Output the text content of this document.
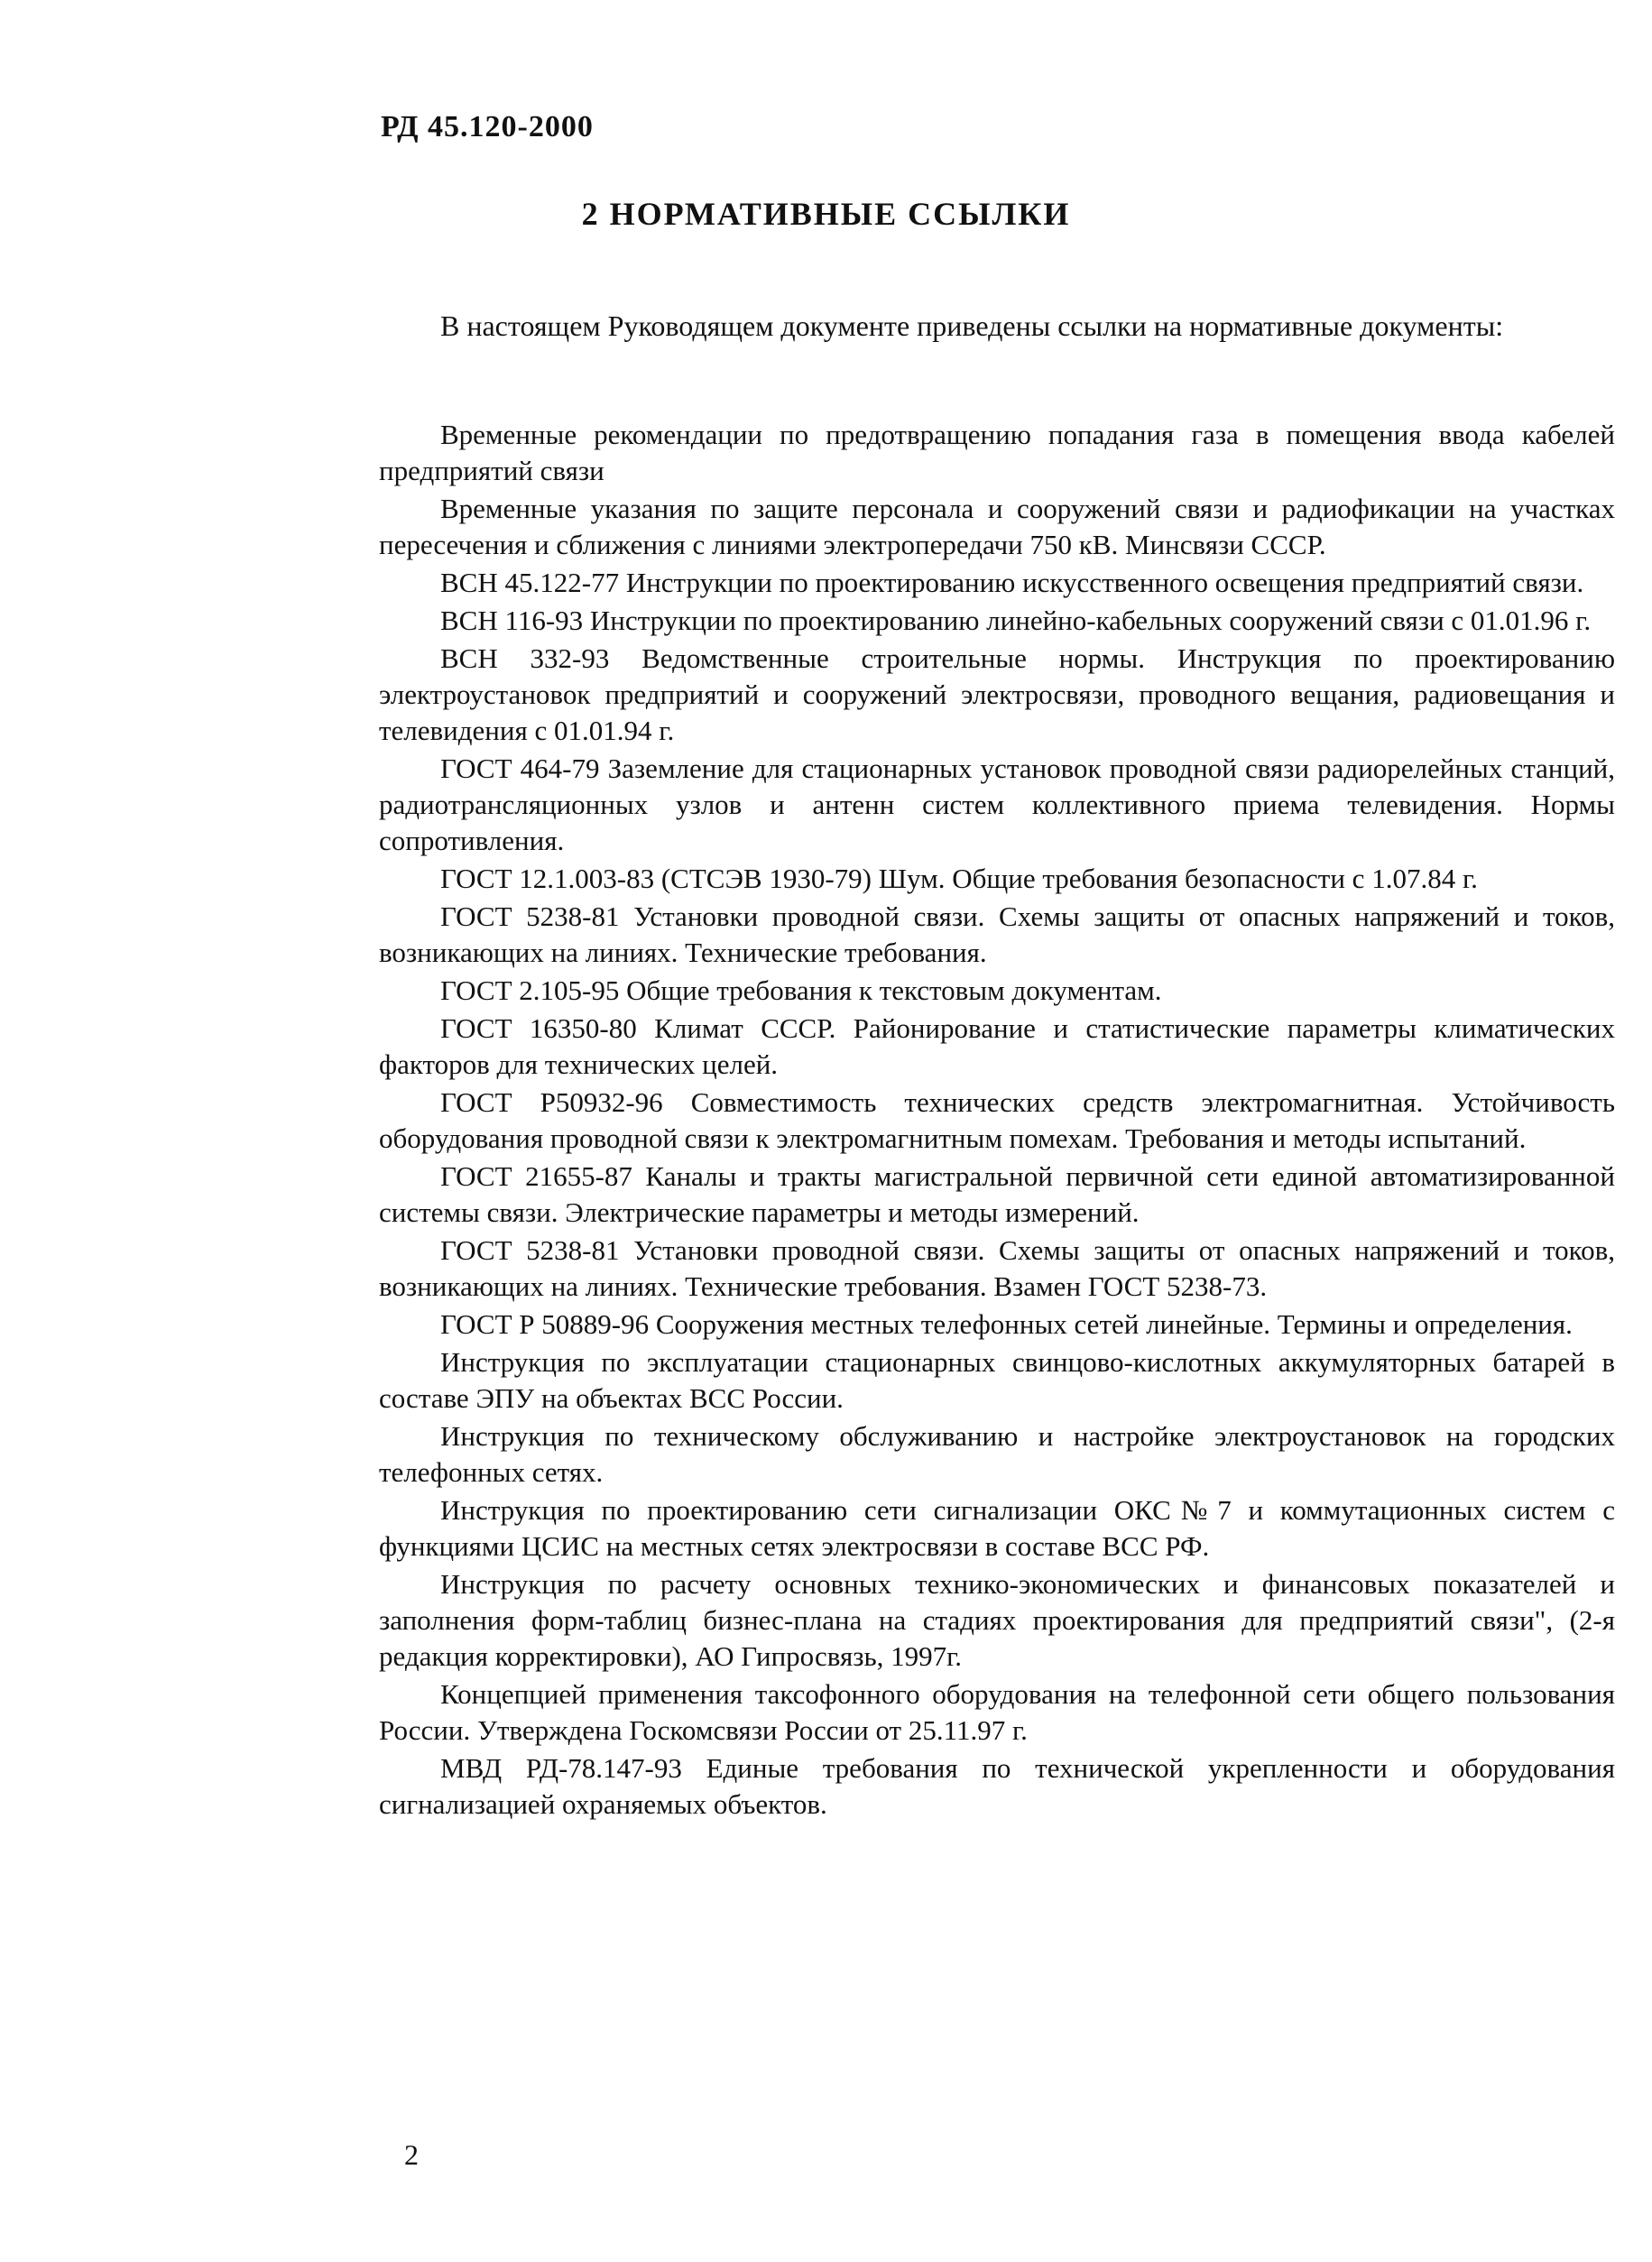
РД 45.120-2000
2 НОРМАТИВНЫЕ ССЫЛКИ

В настоящем Руководящем документе приведены ссылки на нормативные документы:

Временные рекомендации по предотвращению попадания газа в помещения ввода кабелей предприятий связи
Временные указания по защите персонала и сооружений связи и радиофикации на участках пересечения и сближения с линиями электропередачи 750 кВ. Минсвязи СССР.
ВСН 45.122-77 Инструкции по проектированию искусственного освещения предприятий связи.
ВСН 116-93 Инструкции по проектированию линейно-кабельных сооружений связи с 01.01.96 г.
ВСН 332-93 Ведомственные строительные нормы. Инструкция по проектированию электроустановок предприятий и сооружений электросвязи, проводного вещания, радиовещания и телевидения с 01.01.94 г.
ГОСТ 464-79 Заземление для стационарных установок проводной связи радиорелейных станций, радиотрансляционных узлов и антенн систем коллективного приема телевидения. Нормы сопротивления.
ГОСТ 12.1.003-83 (СТСЭВ 1930-79) Шум. Общие требования безопасности с 1.07.84 г.
ГОСТ 5238-81 Установки проводной связи. Схемы защиты от опасных напряжений и токов, возникающих на линиях. Технические требования.
ГОСТ 2.105-95 Общие требования к текстовым документам.
ГОСТ 16350-80 Климат СССР. Районирование и статистические параметры климатических факторов для технических целей.
ГОСТ Р50932-96 Совместимость технических средств электромагнитная. Устойчивость оборудования проводной связи к электромагнитным помехам. Требования и методы испытаний.
ГОСТ 21655-87 Каналы и тракты магистральной первичной сети единой автоматизированной системы связи. Электрические параметры и методы измерений.
ГОСТ 5238-81 Установки проводной связи. Схемы защиты от опасных напряжений и токов, возникающих на линиях. Технические требования. Взамен ГОСТ 5238-73.
ГОСТ Р 50889-96 Сооружения местных телефонных сетей линейные. Термины и определения.
Инструкция по эксплуатации стационарных свинцово-кислотных аккумуляторных батарей в составе ЭПУ на объектах ВСС России.
Инструкция по техническому обслуживанию и настройке электроустановок на городских телефонных сетях.
Инструкция по проектированию сети сигнализации ОКС№7 и коммутационных систем с функциями ЦСИС на местных сетях электросвязи в составе ВСС РФ.
Инструкция по расчету основных технико-экономических и финансовых показателей и заполнения форм-таблиц бизнес-плана на стадиях проектирования для предприятий связи", (2-я редакция корректировки), АО Гипросвязь, 1997г.
Концепцией применения таксофонного оборудования на телефонной сети общего пользования России. Утверждена Госкомсвязи России от 25.11.97 г.
МВД РД-78.147-93 Единые требования по технической укрепленности и оборудования сигнализацией охраняемых объектов.
2
